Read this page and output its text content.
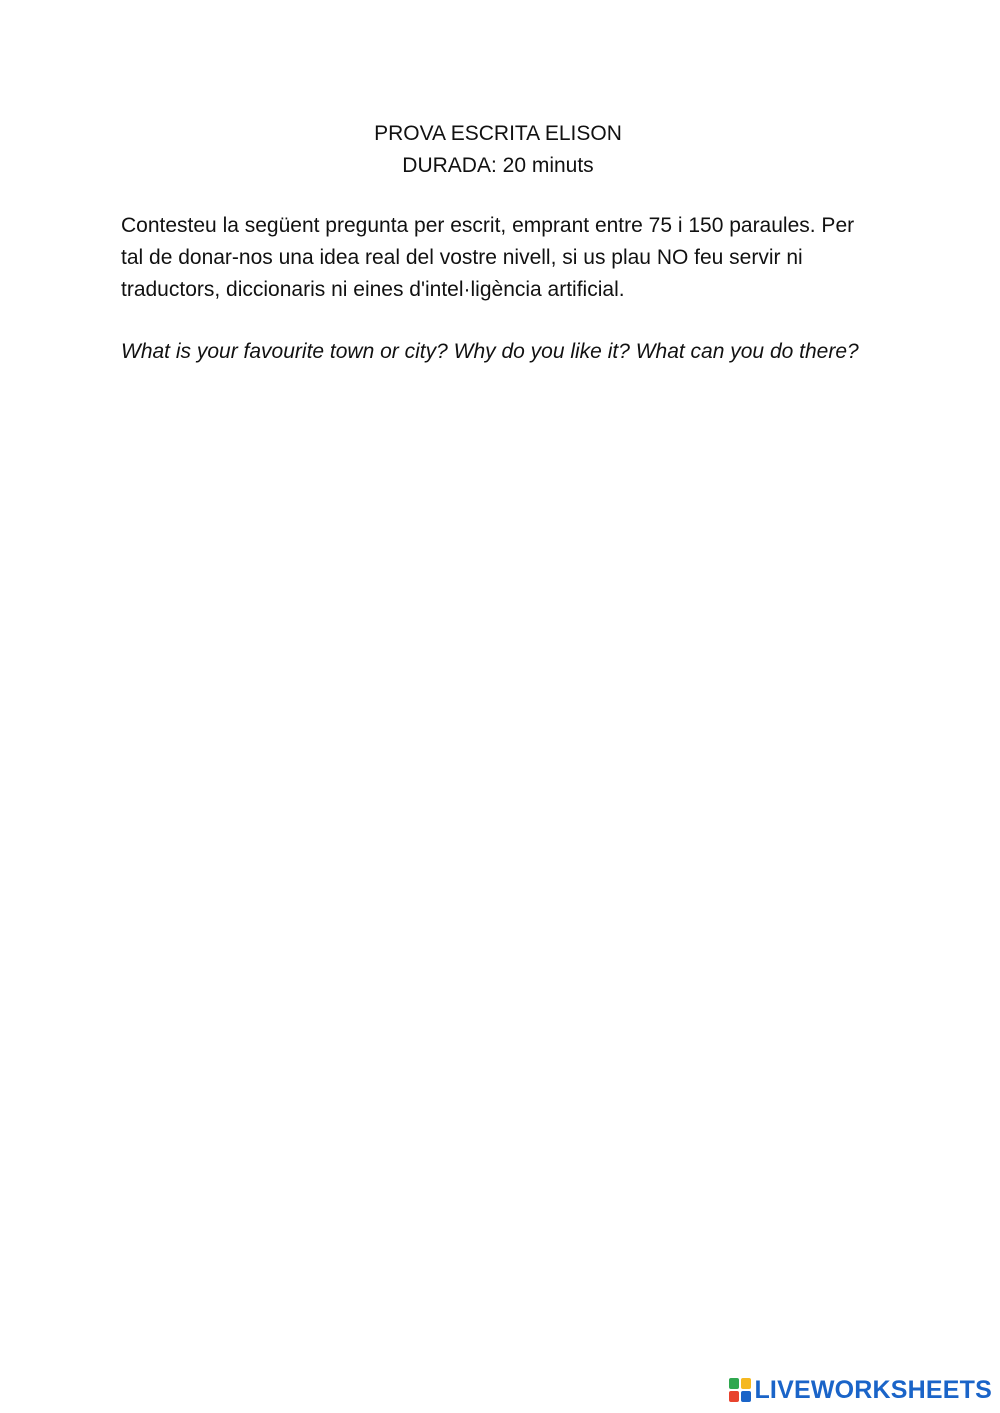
PROVA ESCRITA ELISON
DURADA: 20 minuts
Contesteu la següent pregunta per escrit, emprant entre 75 i 150 paraules. Per tal de donar-nos una idea real del vostre nivell, si us plau NO feu servir ni traductors, diccionaris ni eines d'intel·ligència artificial.
What is your favourite town or city? Why do you like it? What can you do there?
LIVEWORKSHEETS
